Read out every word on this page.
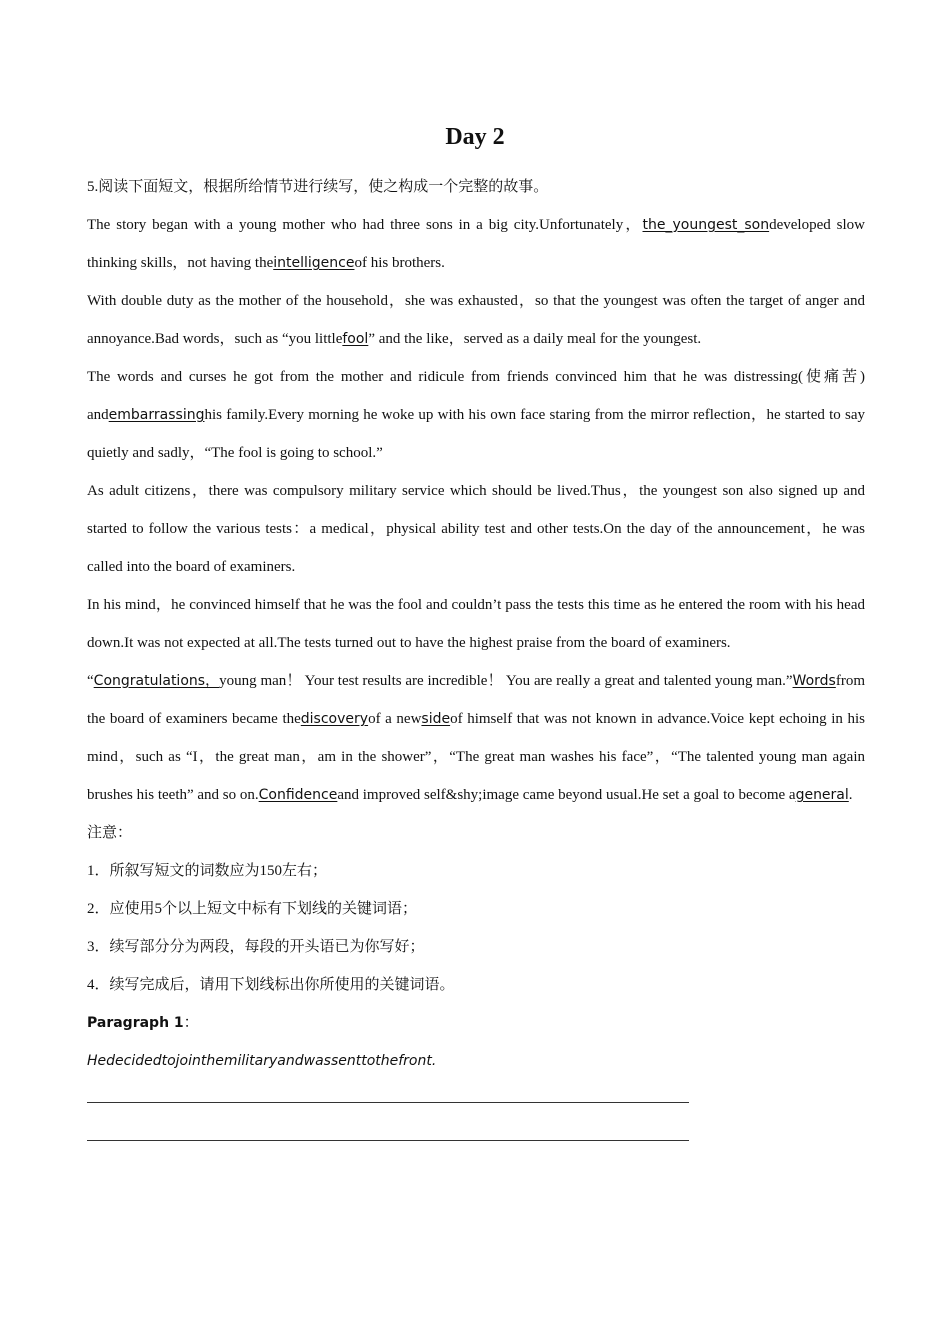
Day 2

5.阅读下面短文，根据所给情节进行续写，使之构成一个完整的故事。

The story began with a young mother who had three sons in a big city.Unfortunately，the_youngest_sondeveloped slow thinking skills，not having theintelligenceof his brothers.

With double duty as the mother of the household，she was exhausted，so that the youngest was often the target of anger and annoyance.Bad words，such as “you littlefool” and the like，served as a daily meal for the youngest.

The words and curses he got from the mother and ridicule from friends convinced him that he was distressing(使痛苦) andembarrassinghis family.Every morning he woke up with his own face staring from the mirror reflection，he started to say quietly and sadly，“The fool is going to school.”

As adult citizens，there was compulsory military service which should be lived.Thus，the youngest son also signed up and started to follow the various tests：a medical，physical ability test and other tests.On the day of the announcement，he was called into the board of examiners.

In his mind，he convinced himself that he was the fool and couldn’t pass the tests this time as he entered the room with his head down.It was not expected at all.The tests turned out to have the highest praise from the board of examiners.

“Congratulations，young man！ Your test results are incredible！ You are really a great and talented young man.”Wordsfrom the board of examiners became thediscoveryof a newsideof himself that was not known in advance.Voice kept echoing in his mind，such as “I，the great man，am in the shower”，“The great man washes his face”，“The talented young man again brushes his teeth” and so on.Confidenceand improved self&shy;image came beyond usual.He set a goal to become ageneral.

注意：

1．所叙写短文的词数应为150左右；

2．应使用5个以上短文中标有下划线的关键词语；

3．续写部分分为两段，每段的开头语已为你写好；

4．续写完成后，请用下划线标出你所使用的关键词语。

Paragraph 1：

Hedecidedtojointhemilitaryandwassenttothefront.
